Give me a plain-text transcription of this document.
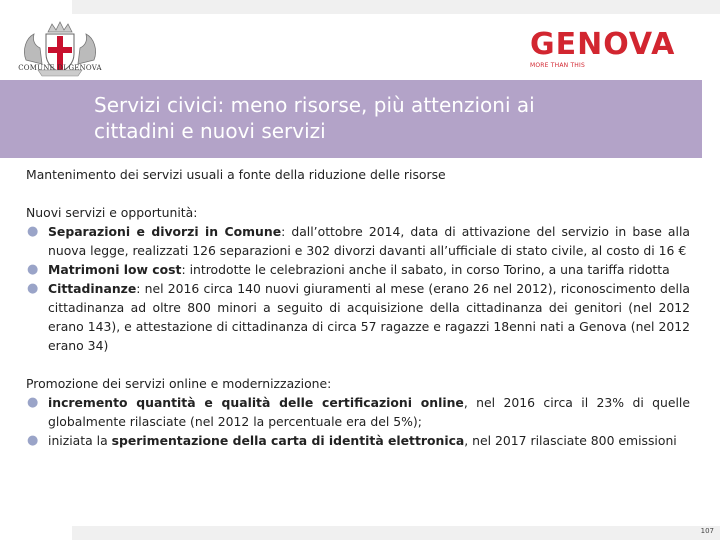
COMUNE DI GENOVA
GENOVA
MORE THAN THIS
Servizi civici: meno risorse, più attenzioni ai
cittadini e nuovi servizi

Mantenimento dei servizi usuali a fonte della riduzione delle risorse

Nuovi servizi e opportunità:

● Separazioni e divorzi in Comune: dall’ottobre 2014, data di attivazione del servizio in base alla nuova legge, realizzati 126 separazioni e 302 divorzi davanti all’ufficiale di stato civile, al costo di 16 €
● Matrimoni low cost: introdotte le celebrazioni anche il sabato, in corso Torino, a una tariffa ridotta
● Cittadinanze: nel 2016 circa 140 nuovi giuramenti al mese (erano 26 nel 2012), riconoscimento della cittadinanza ad oltre 800 minori a seguito di acquisizione della cittadinanza dei genitori (nel 2012 erano 143), e attestazione di cittadinanza di circa 57 ragazze e ragazzi 18enni nati a Genova (nel 2012 erano 34)

Promozione dei servizi online e modernizzazione:

● incremento quantità e qualità delle certificazioni online, nel 2016 circa il 23% di quelle globalmente rilasciate (nel 2012 la percentuale era del 5%);
● iniziata la sperimentazione della carta di identità elettronica, nel 2017 rilasciate 800 emissioni
107
